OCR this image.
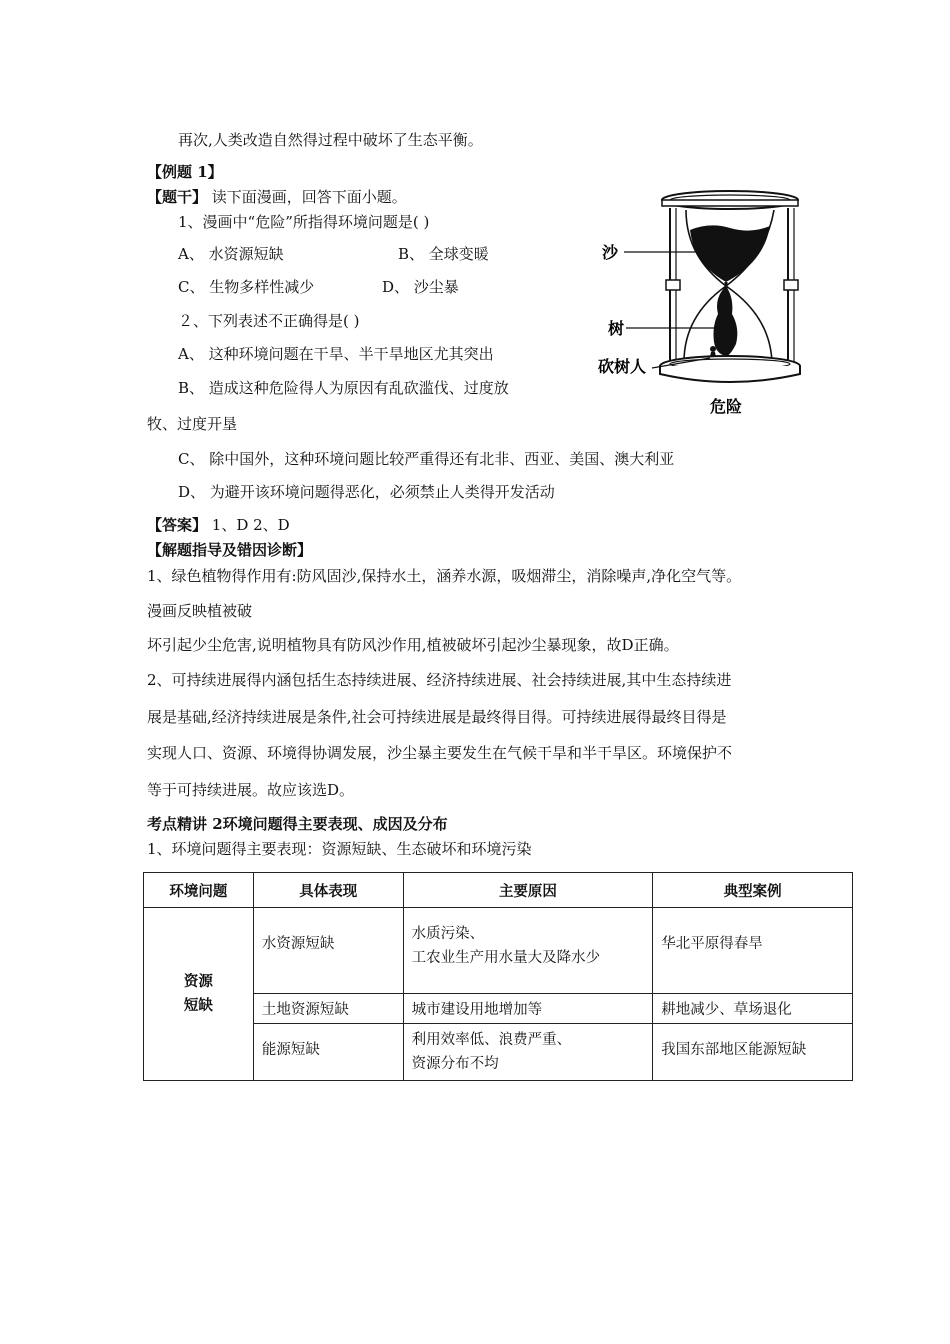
再次,人类改造自然得过程中破坏了生态平衡。
【例题 1】
【题干】 读下面漫画，回答下面小题。
1、漫画中“危险”所指得环境问题是( )
A、 水资源短缺	B、 全球变暖
C、 生物多样性减少	D、 沙尘暴
２、下列表述不正确得是( )
A、 这种环境问题在干旱、半干旱地区尤其突出
B、 造成这种危险得人为原因有乱砍滥伐、过度放
牧、过度开垦
C、 除中国外，这种环境问题比较严重得还有北非、西亚、美国、澳大利亚
D、 为避开该环境问题得恶化，必须禁止人类得开发活动
【答案】 1、D 2、D
【解题指导及错因诊断】
1、绿色植物得作用有:防风固沙,保持水土，涵养水源，吸烟滞尘，消除噪声,净化空气等。
漫画反映植被破
坏引起少尘危害,说明植物具有防风沙作用,植被破坏引起沙尘暴现象，故D正确。
2、可持续进展得内涵包括生态持续进展、经济持续进展、社会持续进展,其中生态持续进
展是基础,经济持续进展是条件,社会可持续进展是最终得目得。可持续进展得最终目得是
实现人口、资源、环境得协调发展，沙尘暴主要发生在气候干旱和半干旱区。环境保护不
等于可持续进展。故应该选D。
考点精讲 2环境问题得主要表现、成因及分布
1、环境问题得主要表现：资源短缺、生态破坏和环境污染
沙
树
砍树人
危险
环境问题	具体表现	主要原因	典型案例

资源
短缺	水资源短缺	水质污染、
工农业生产用水量大及降水少	华北平原得春旱
	土地资源短缺	城市建设用地增加等	耕地减少、草场退化
	能源短缺	利用效率低、浪费严重、
资源分布不均	我国东部地区能源短缺
